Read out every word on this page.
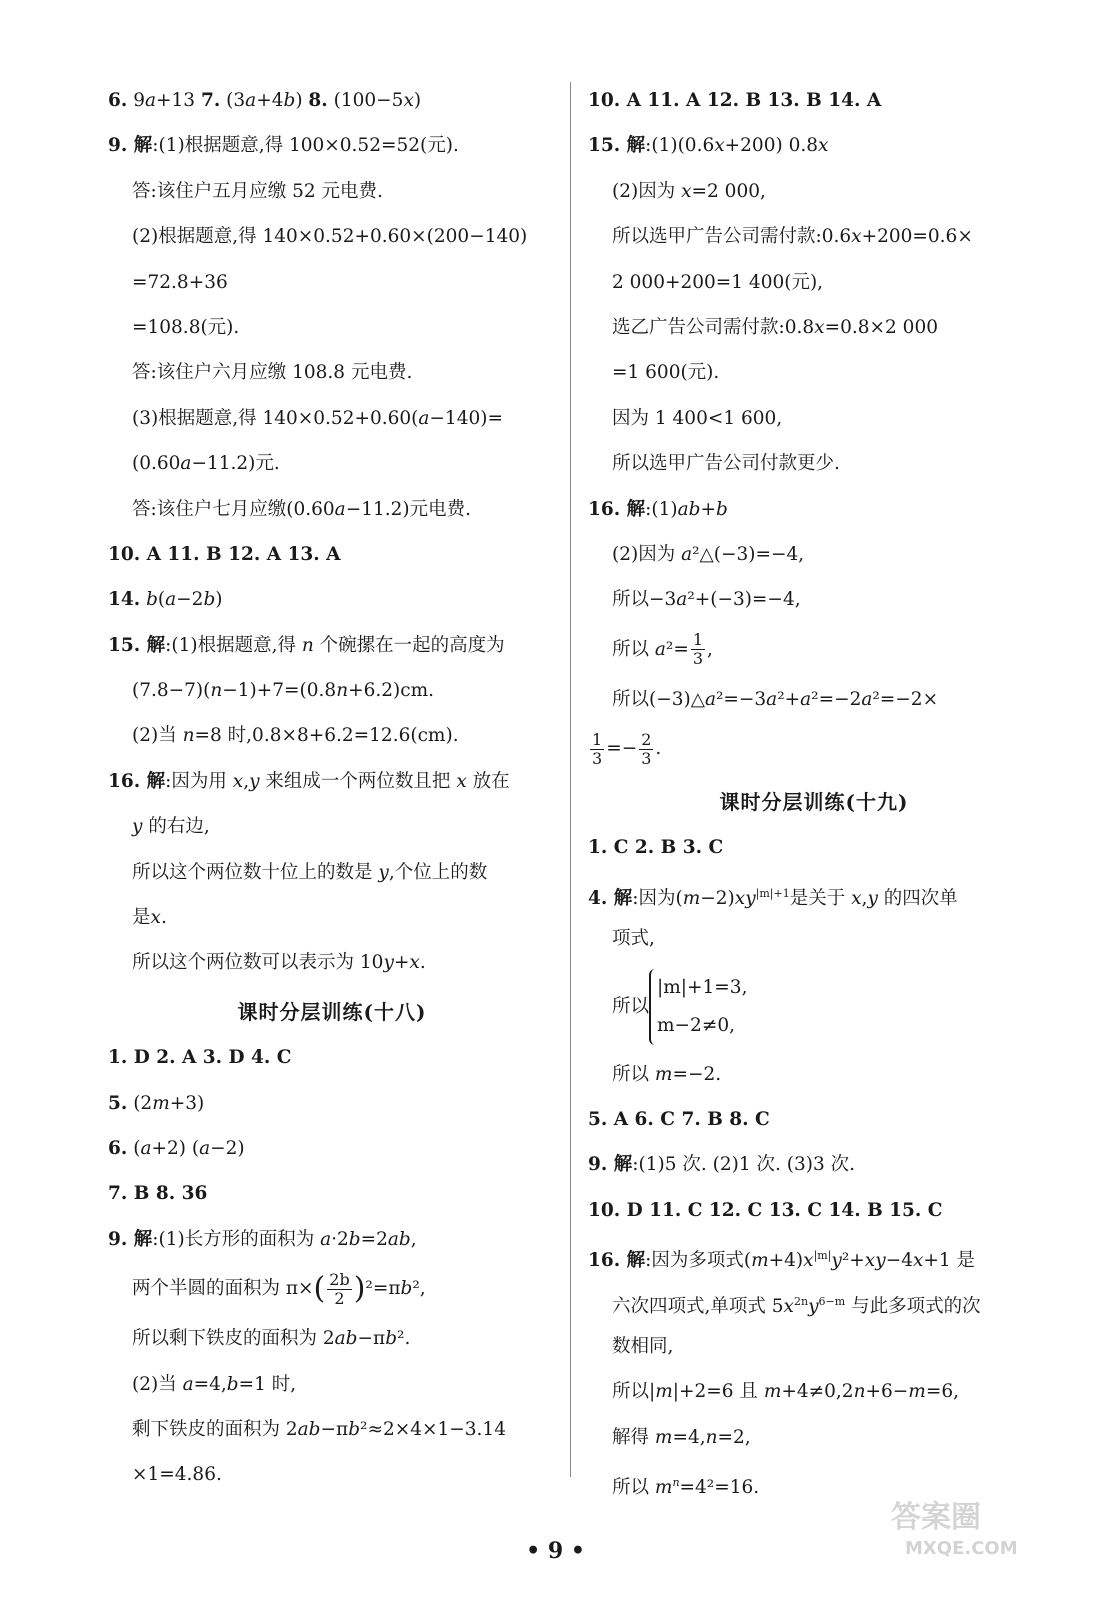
6. 9a+13 7. (3a+4b) 8. (100−5x)
9. 解:(1)根据题意,得 100×0.52=52(元).
答:该住户五月应缴 52 元电费.
(2)根据题意,得 140×0.52+0.60×(200−140)
=72.8+36
=108.8(元).
答:该住户六月应缴 108.8 元电费.
(3)根据题意,得 140×0.52+0.60(a−140)=
(0.60a−11.2)元.
答:该住户七月应缴(0.60a−11.2)元电费.
10. A 11. B 12. A 13. A
14. b(a−2b)
15. 解:(1)根据题意,得 n 个碗摞在一起的高度为
(7.8−7)(n−1)+7=(0.8n+6.2)cm.
(2)当 n=8 时,0.8×8+6.2=12.6(cm).
16. 解:因为用 x,y 来组成一个两位数且把 x 放在
y 的右边,
所以这个两位数十位上的数是 y,个位上的数
是x.
所以这个两位数可以表示为 10y+x.
课时分层训练(十八)
1. D 2. A 3. D 4. C
5. (2m+3)
6. (a+2) (a−2)
7. B 8. 36
9. 解:(1)长方形的面积为 a·2b=2ab,
两个半圆的面积为 $\pi\times( \frac{2b}{2} )^2=\pi b^2$,
所以剩下铁皮的面积为 2ab−πb².
(2)当 a=4,b=1 时,
剩下铁皮的面积为 2ab−πb²≈2×4×1−3.14
×1=4.86.
10. A 11. A 12. B 13. B 14. A
15. 解:(1)(0.6x+200) 0.8x
(2)因为 x=2 000,
所以选甲广告公司需付款:0.6x+200=0.6×
2 000+200=1 400(元),
选乙广告公司需付款:0.8x=0.8×2 000
=1 600(元).
因为 1 400<1 600,
所以选甲广告公司付款更少.
16. 解:(1)ab+b
(2)因为 a²△(−3)=−4,
所以−3a²+(−3)=−4,
所以 $a^2= \frac{1}{3}$ ,
所以(−3)△a²=−3a²+a²=−2a²=−2×
$\frac{1}{3} =- \frac{2}{3}$ .
课时分层训练(十九)
1. C 2. B 3. C
4. 解:因为$(m-2)xy^{|m|+1}$是关于 x,y 的四次单
项式,
所以
|m|+1=3,
m−2≠0,
所以 m=−2.
5. A 6. C 7. B 8. C
9. 解:(1)5 次. (2)1 次. (3)3 次.
10. D 11. C 12. C 13. C 14. B 15. C
16. 解:因为多项式$(m+4)x^{|m|}y^2+xy-4x+1$ 是
六次四项式,单项式 $5x^{2n}y^{6-m}$ 与此多项式的次
数相同,
所以|m|+2=6 且 m+4≠0,2n+6−m=6,
解得 m=4,n=2,
所以 $m^n=4^2=16$.
• 9 •
答案圈
MXQE.COM
